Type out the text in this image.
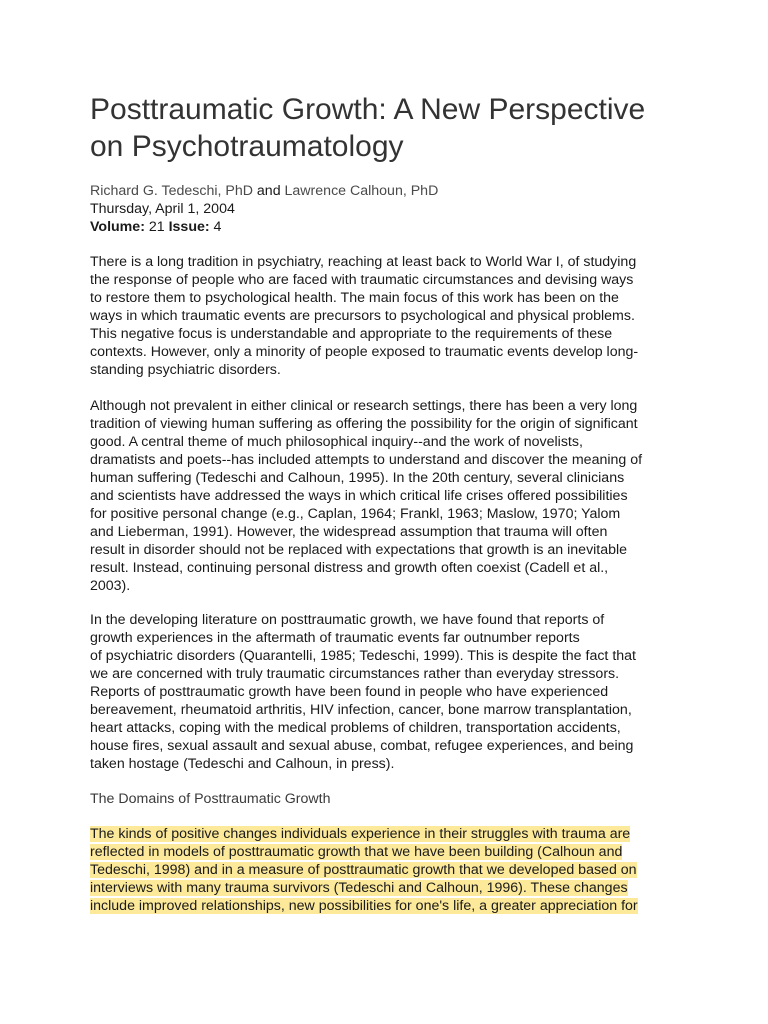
Posttraumatic Growth: A New Perspective
on Psychotraumatology
Richard G. Tedeschi, PhD and Lawrence Calhoun, PhD
Thursday, April 1, 2004
Volume: 21 Issue: 4
There is a long tradition in psychiatry, reaching at least back to World War I, of studying
the response of people who are faced with traumatic circumstances and devising ways
to restore them to psychological health. The main focus of this work has been on the
ways in which traumatic events are precursors to psychological and physical problems.
This negative focus is understandable and appropriate to the requirements of these
contexts. However, only a minority of people exposed to traumatic events develop long-
standing psychiatric disorders.
Although not prevalent in either clinical or research settings, there has been a very long
tradition of viewing human suffering as offering the possibility for the origin of significant
good. A central theme of much philosophical inquiry--and the work of novelists,
dramatists and poets--has included attempts to understand and discover the meaning of
human suffering (Tedeschi and Calhoun, 1995). In the 20th century, several clinicians
and scientists have addressed the ways in which critical life crises offered possibilities
for positive personal change (e.g., Caplan, 1964; Frankl, 1963; Maslow, 1970; Yalom
and Lieberman, 1991). However, the widespread assumption that trauma will often
result in disorder should not be replaced with expectations that growth is an inevitable
result. Instead, continuing personal distress and growth often coexist (Cadell et al.,
2003).
In the developing literature on posttraumatic growth, we have found that reports of
growth experiences in the aftermath of traumatic events far outnumber reports
of psychiatric disorders (Quarantelli, 1985; Tedeschi, 1999). This is despite the fact that
we are concerned with truly traumatic circumstances rather than everyday stressors.
Reports of posttraumatic growth have been found in people who have experienced
bereavement, rheumatoid arthritis, HIV infection, cancer, bone marrow transplantation,
heart attacks, coping with the medical problems of children, transportation accidents,
house fires, sexual assault and sexual abuse, combat, refugee experiences, and being
taken hostage (Tedeschi and Calhoun, in press).
The Domains of Posttraumatic Growth
The kinds of positive changes individuals experience in their struggles with trauma are
reflected in models of posttraumatic growth that we have been building (Calhoun and
Tedeschi, 1998) and in a measure of posttraumatic growth that we developed based on
interviews with many trauma survivors (Tedeschi and Calhoun, 1996). These changes
include improved relationships, new possibilities for one's life, a greater appreciation for
